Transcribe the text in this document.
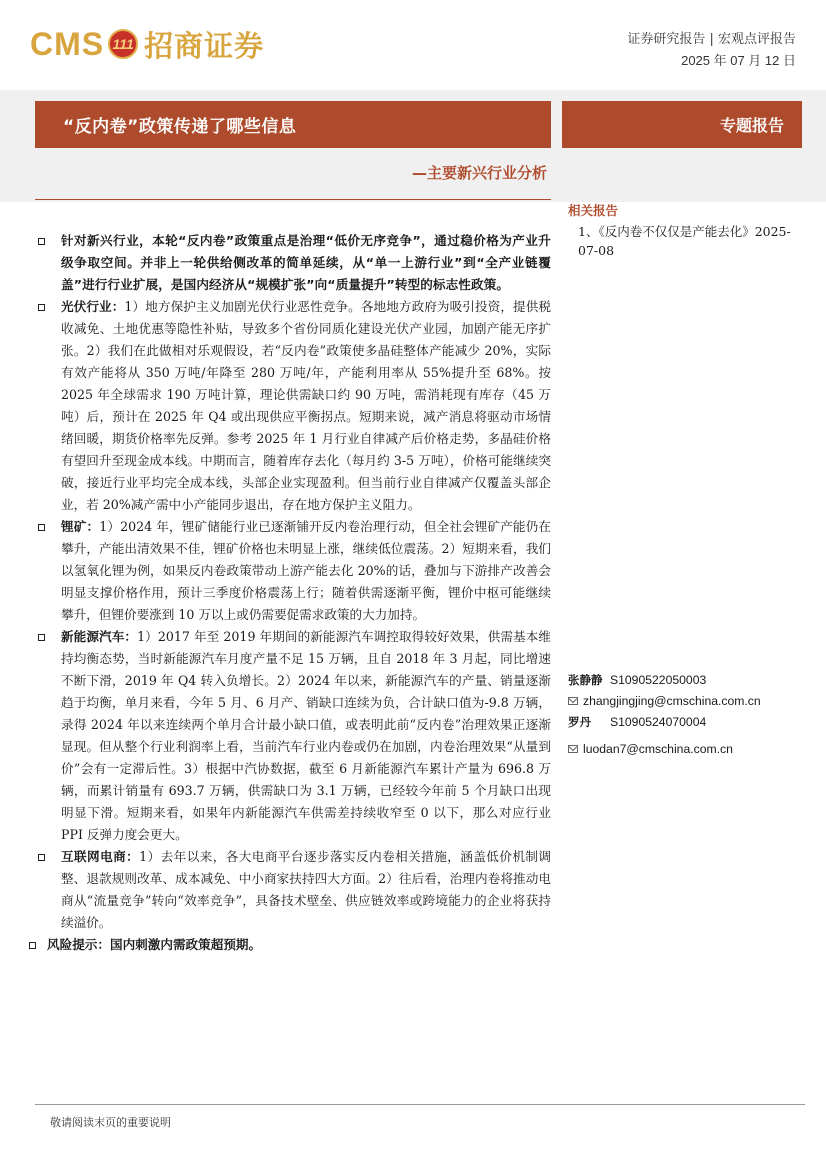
CMS 111 招商证券	证券研究报告 | 宏观点评报告
2025 年 07 月 12 日
“反内卷”政策传递了哪些信息	专题报告
—主要新兴行业分析
针对新兴行业，本轮“反内卷”政策重点是治理“低价无序竞争”，通过稳价格为产业升级争取空间。并非上一轮供给侧改革的简单延续，从“单一上游行业”到“全产业链覆盖”进行行业扩展，是国内经济从“规模扩张”向“质量提升”转型的标志性政策。
光伏行业：1）地方保护主义加剧光伏行业恶性竞争。各地地方政府为吸引投资，提供税收减免、土地优惠等隐性补贴，导致多个省份同质化建设光伏产业园，加剧产能无序扩张。2）我们在此做相对乐观假设，若“反内卷”政策使多晶硅整体产能减少 20%，实际有效产能将从 350 万吨/年降至 280 万吨/年，产能利用率从 55%提升至 68%。按 2025 年全球需求 190 万吨计算，理论供需缺口约 90 万吨，需消耗现有库存（45 万吨）后，预计在 2025 年 Q4 或出现供应平衡拐点。短期来说，减产消息将驱动市场情绪回暖，期货价格率先反弹。参考 2025 年 1 月行业自律减产后价格走势，多晶硅价格有望回升至现金成本线。中期而言，随着库存去化（每月约 3-5 万吨），价格可能继续突破，接近行业平均完全成本线，头部企业实现盈利。但当前行业自律减产仅覆盖头部企业，若 20%减产需中小产能同步退出，存在地方保护主义阻力。
锂矿：1）2024 年，锂矿储能行业已逐渐铺开反内卷治理行动，但全社会锂矿产能仍在攀升，产能出清效果不佳，锂矿价格也未明显上涨，继续低位震荡。2）短期来看，我们以氢氧化锂为例，如果反内卷政策带动上游产能去化 20%的话，叠加与下游排产改善会明显支撑价格作用，预计三季度价格震荡上行；随着供需逐渐平衡，锂价中枢可能继续攀升，但锂价要涨到 10 万以上或仍需要促需求政策的大力加持。
新能源汽车：1）2017 年至 2019 年期间的新能源汽车调控取得较好效果，供需基本维持均衡态势，当时新能源汽车月度产量不足 15 万辆，且自 2018 年 3 月起，同比增速不断下滑，2019 年 Q4 转入负增长。2）2024 年以来，新能源汽车的产量、销量逐渐趋于均衡，单月来看，今年 5 月、6 月产、销缺口连续为负，合计缺口值为-9.8 万辆，录得 2024 年以来连续两个单月合计最小缺口值，或表明此前“反内卷”治理效果正逐渐显现。但从整个行业利润率上看，当前汽车行业内卷或仍在加剧，内卷治理效果“从量到价”会有一定滞后性。3）根据中汽协数据，截至 6 月新能源汽车累计产量为 696.8 万辆，而累计销量有 693.7 万辆，供需缺口为 3.1 万辆，已经较今年前 5 个月缺口出现明显下滑。短期来看，如果年内新能源汽车供需差持续收窄至 0 以下，那么对应行业 PPI 反弹力度会更大。
互联网电商：1）去年以来，各大电商平台逐步落实反内卷相关措施，涵盖低价机制调整、退款规则改革、成本减免、中小商家扶持四大方面。2）往后看，治理内卷将推动电商从“流量竞争”转向“效率竞争”，具备技术壁垒、供应链效率或跨境能力的企业将获持续溢价。
风险提示：国内刺激内需政策超预期。
相关报告
1、《反内卷不仅仅是产能去化》2025-07-08
张静静 S1090522050003
zhangjingjing@cmschina.com.cn
罗丹	S1090524070004
luodan7@cmschina.com.cn
敬请阅读末页的重要说明
